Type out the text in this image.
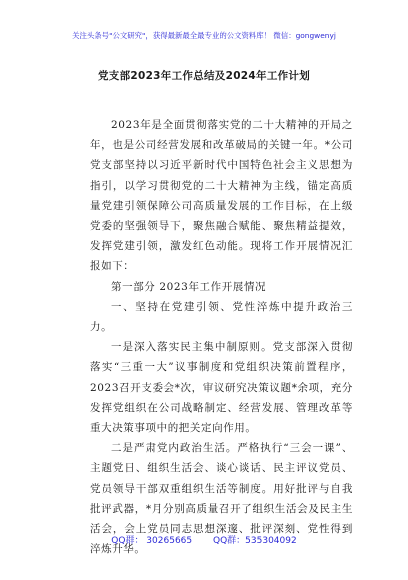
关注头条号"公文研究"，获得最新最全最专业的公文资料库！ 微信：gongwenyj
党支部2023年工作总结及2024年工作计划

2023年是全面贯彻落实党的二十大精神的开局之年，也是公司经营发展和改革破局的关键一年。*公司党支部坚持以习近平新时代中国特色社会主义思想为指引，以学习贯彻党的二十大精神为主线，锚定高质量党建引领保障公司高质量发展的工作目标，在上级党委的坚强领导下，聚焦融合赋能、聚焦精益提效，发挥党建引领，激发红色动能。现将工作开展情况汇报如下：

第一部分 2023年工作开展情况

一、坚持在党建引领、党性淬炼中提升政治三力。

一是深入落实民主集中制原则。党支部深入贯彻落实“三重一大”议事制度和党组织决策前置程序，2023召开支委会*次，审议研究决策议题*余项，充分发挥党组织在公司战略制定、经营发展、管理改革等重大决策事项中的把关定向作用。

二是严肃党内政治生活。严格执行“三会一课”、主题党日、组织生活会、谈心谈话、民主评议党员、党员领导干部双重组织生活等制度。用好批评与自我批评武器，*月分别高质量召开了组织生活会及民主生活会，会上党员同志思想深邃、批评深刻、党性得到淬炼升华。

QQ群： 30265665 QQ群：535304092
